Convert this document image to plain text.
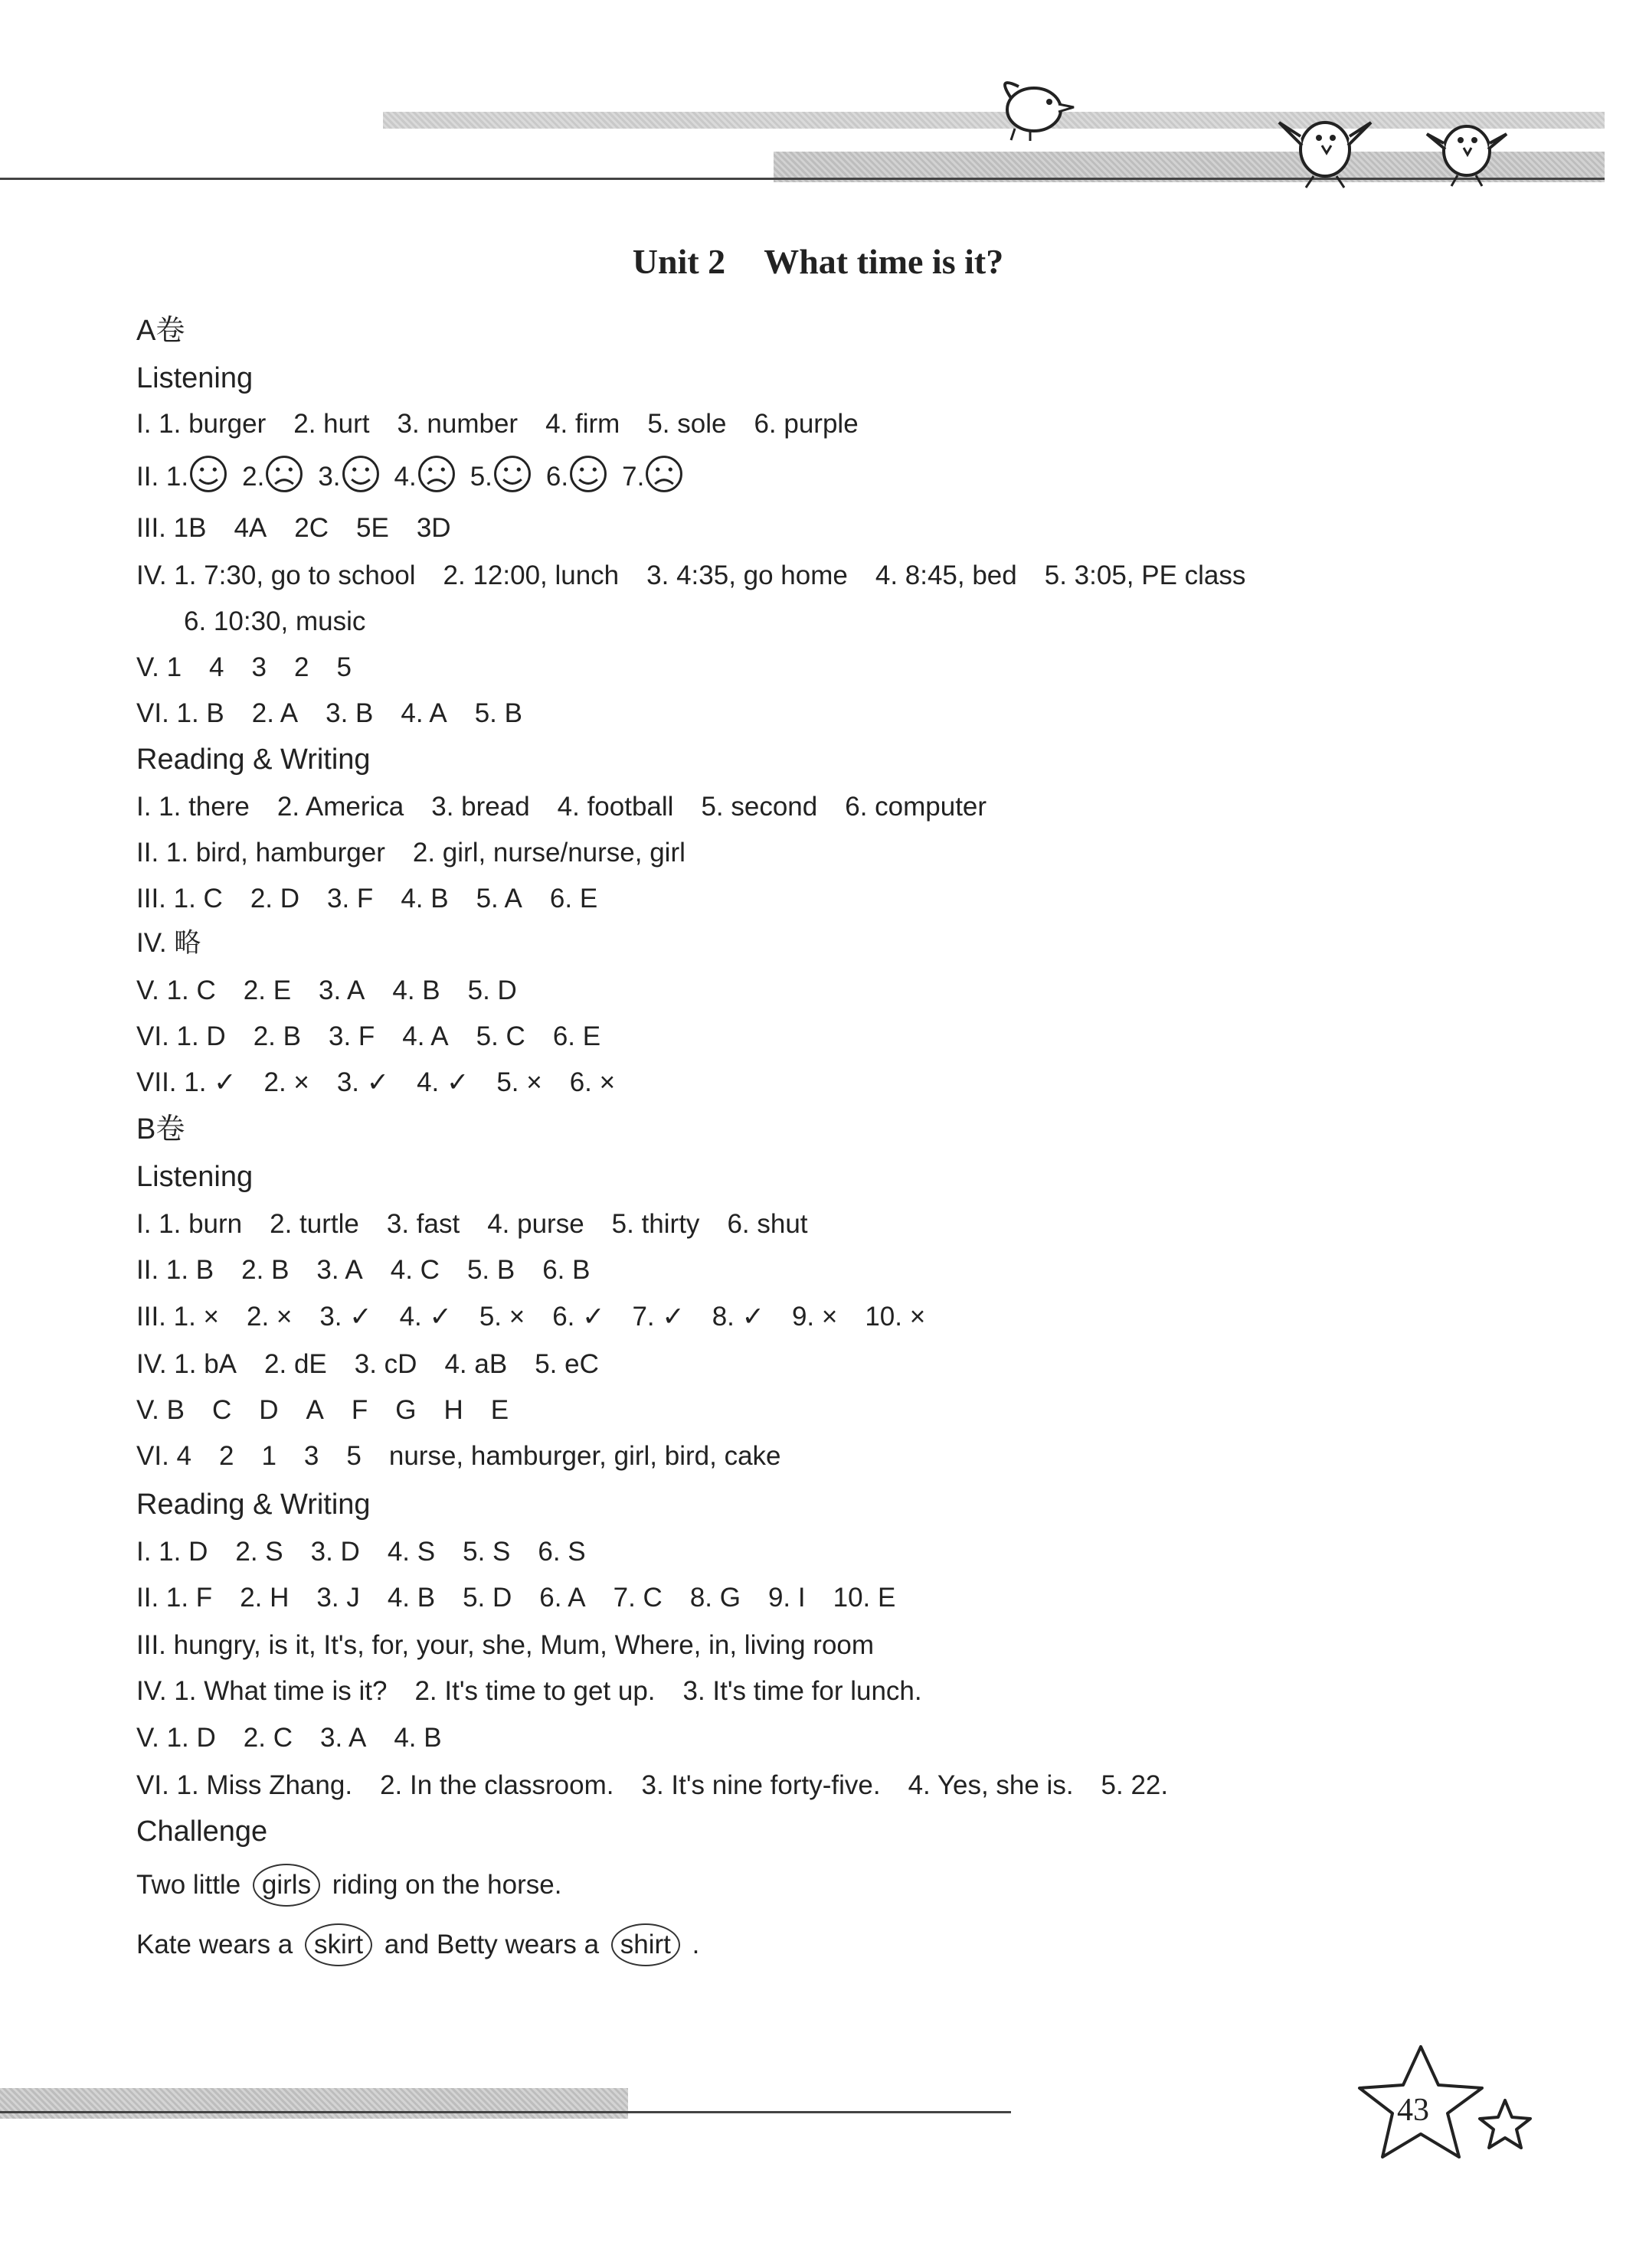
Unit 2 What time is it?
A卷
Listening
I. 1. burger 2. hurt 3. number 4. firm 5. sole 6. purple
II. 1. 2. 3. 4. 5. 6. 7.
III. 1B 4A 2C 5E 3D
IV. 1. 7:30, go to school 2. 12:00, lunch 3. 4:35, go home 4. 8:45, bed 5. 3:05, PE class
6. 10:30, music
V. 1 4 3 2 5
VI. 1. B 2. A 3. B 4. A 5. B
Reading & Writing
I. 1. there 2. America 3. bread 4. football 5. second 6. computer
II. 1. bird, hamburger 2. girl, nurse/nurse, girl
III. 1. C 2. D 3. F 4. B 5. A 6. E
IV. 略
V. 1. C 2. E 3. A 4. B 5. D
VI. 1. D 2. B 3. F 4. A 5. C 6. E
VII. 1. ✓ 2. × 3. ✓ 4. ✓ 5. × 6. ×
B卷
Listening
I. 1. burn 2. turtle 3. fast 4. purse 5. thirty 6. shut
II. 1. B 2. B 3. A 4. C 5. B 6. B
III. 1. × 2. × 3. ✓ 4. ✓ 5. × 6. ✓ 7. ✓ 8. ✓ 9. × 10. ×
IV. 1. bA 2. dE 3. cD 4. aB 5. eC
V. B C D A F G H E
VI. 4 2 1 3 5 nurse, hamburger, girl, bird, cake
Reading & Writing
I. 1. D 2. S 3. D 4. S 5. S 6. S
II. 1. F 2. H 3. J 4. B 5. D 6. A 7. C 8. G 9. I 10. E
III. hungry, is it, It's, for, your, she, Mum, Where, in, living room
IV. 1. What time is it? 2. It's time to get up. 3. It's time for lunch.
V. 1. D 2. C 3. A 4. B
VI. 1. Miss Zhang. 2. In the classroom. 3. It's nine forty-five. 4. Yes, she is. 5. 22.
Challenge
Two little girls riding on the horse.
Kate wears a skirt and Betty wears a shirt .
43
